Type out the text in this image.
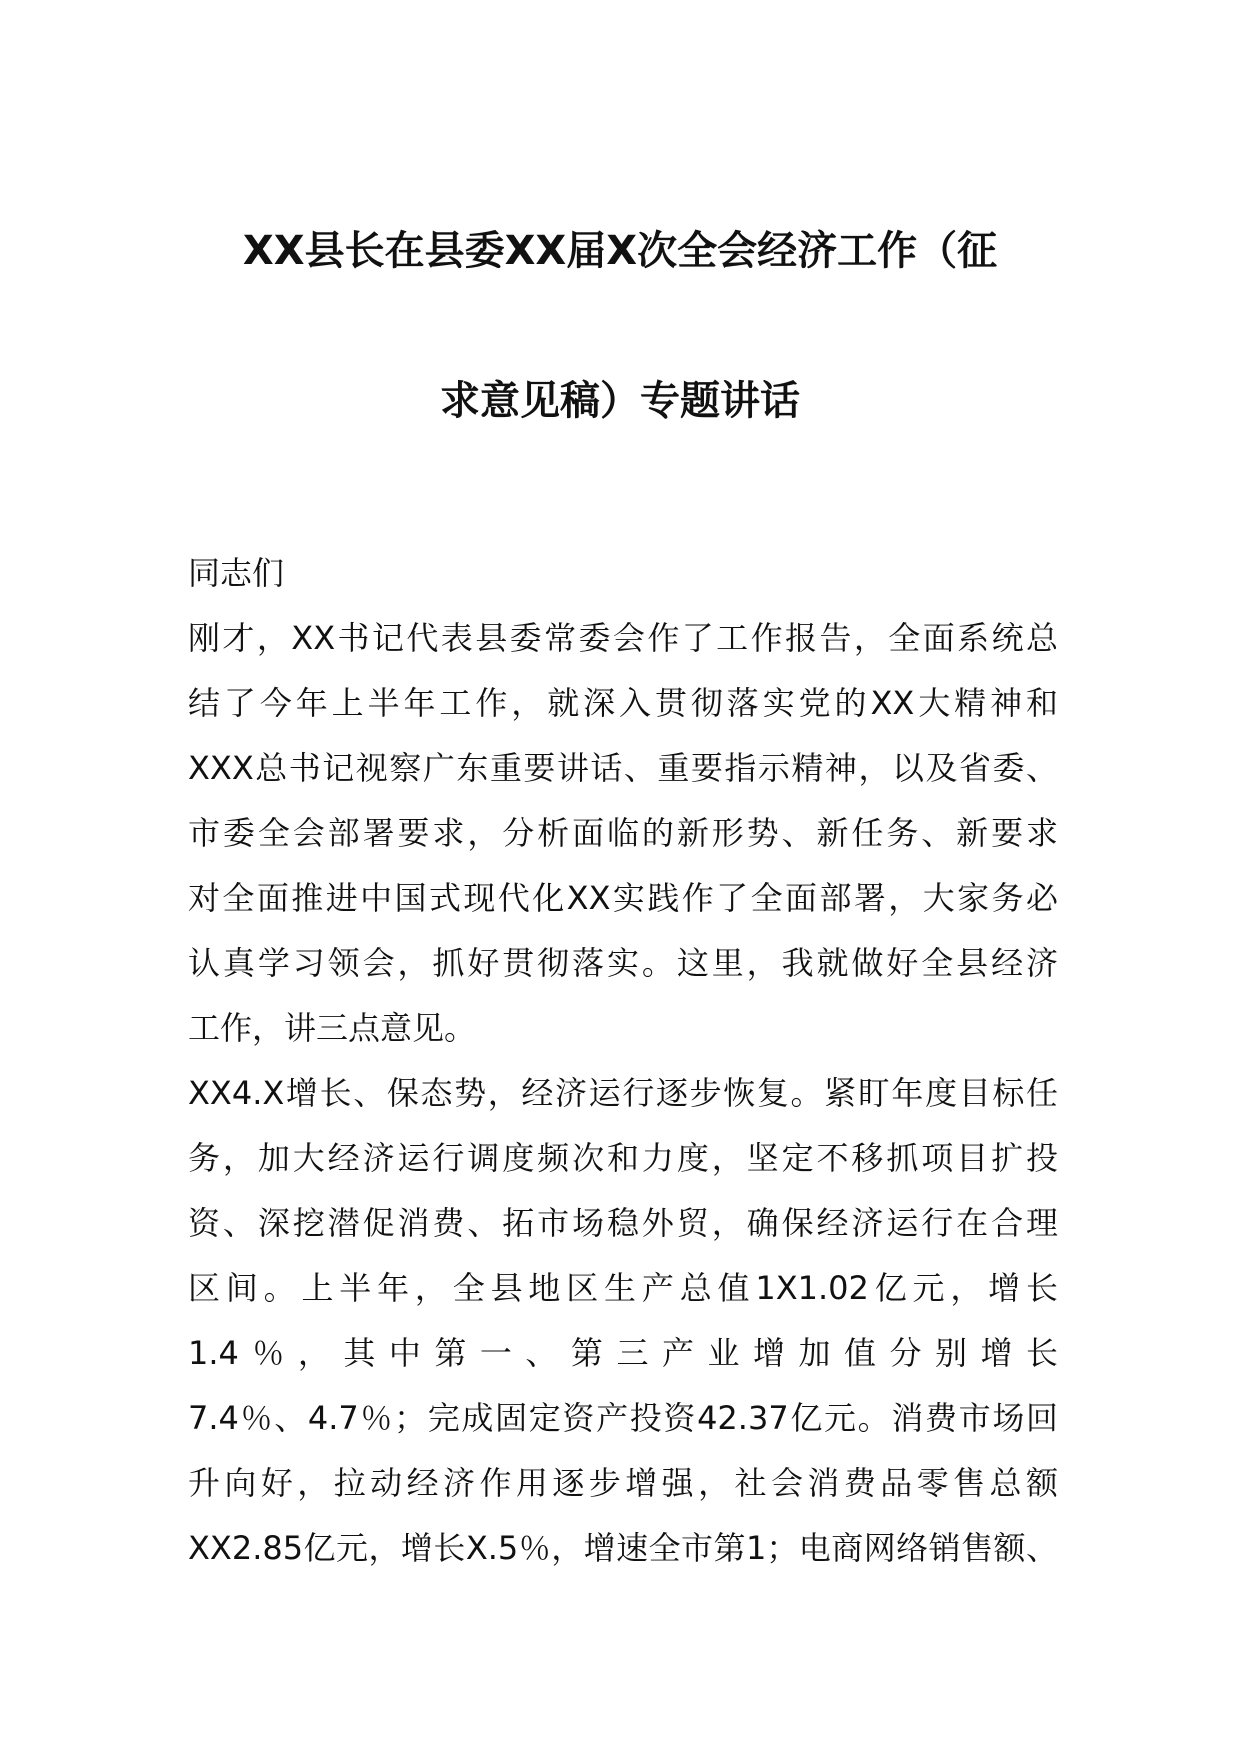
XX县长在县委XX届X次全会经济工作（征
求意见稿）专题讲话
同志们
刚才，XX书记代表县委常委会作了工作报告，全面系统总
结了今年上半年工作，就深入贯彻落实党的XX大精神和
XXX总书记视察广东重要讲话、重要指示精神，以及省委、
市委全会部署要求，分析面临的新形势、新任务、新要求
对全面推进中国式现代化XX实践作了全面部署，大家务必
认真学习领会，抓好贯彻落实。这里，我就做好全县经济
工作，讲三点意见。
XX4.X增长、保态势，经济运行逐步恢复。紧盯年度目标任
务，加大经济运行调度频次和力度，坚定不移抓项目扩投
资、深挖潜促消费、拓市场稳外贸，确保经济运行在合理
区间。上半年，全县地区生产总值1X1.02亿元，增长
1.4％，其中第一、第三产业增加值分别增长
7.4％、4.7％；完成固定资产投资42.37亿元。消费市场回
升向好，拉动经济作用逐步增强，社会消费品零售总额
XX2.85亿元，增长X.5％，增速全市第1；电商网络销售额、
